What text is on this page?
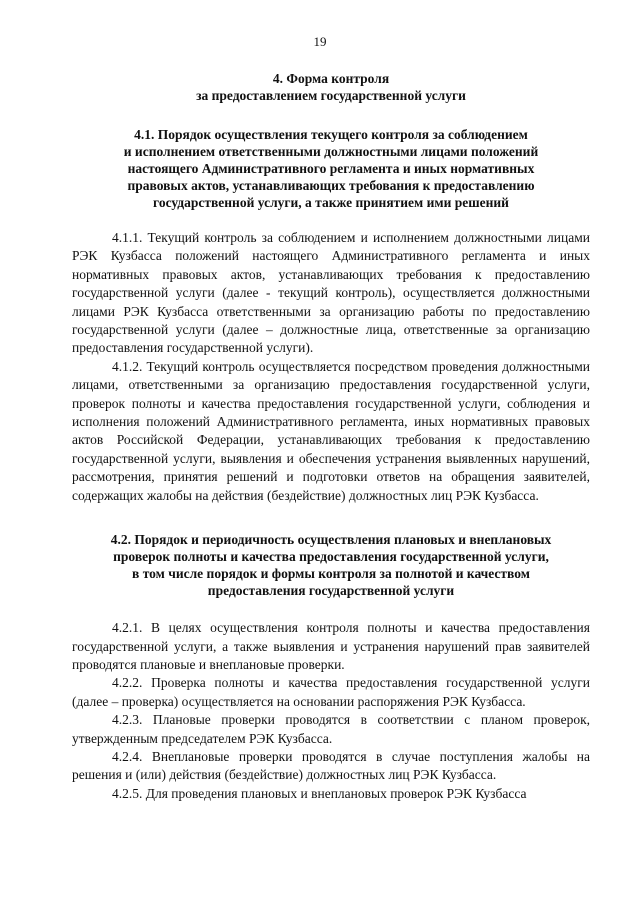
19
4. Форма контроля
за предоставлением государственной услуги
4.1. Порядок осуществления текущего контроля за соблюдением
и исполнением ответственными должностными лицами положений
настоящего Административного регламента и иных нормативных
правовых актов, устанавливающих требования к предоставлению
государственной услуги, а также принятием ими решений

4.1.1. Текущий контроль за соблюдением и исполнением должностными лицами РЭК Кузбасса положений настоящего Административного регламента и иных нормативных правовых актов, устанавливающих требования к предоставлению государственной услуги (далее - текущий контроль), осуществляется должностными лицами РЭК Кузбасса ответственными за организацию работы по предоставлению государственной услуги (далее – должностные лица, ответственные за организацию предоставления государственной услуги).

4.1.2. Текущий контроль осуществляется посредством проведения должностными лицами, ответственными за организацию предоставления государственной услуги, проверок полноты и качества предоставления государственной услуги, соблюдения и исполнения положений Административного регламента, иных нормативных правовых актов Российской Федерации, устанавливающих требования к предоставлению государственной услуги, выявления и обеспечения устранения выявленных нарушений, рассмотрения, принятия решений и подготовки ответов на обращения заявителей, содержащих жалобы на действия (бездействие) должностных лиц РЭК Кузбасса.

4.2. Порядок и периодичность осуществления плановых и внеплановых
проверок полноты и качества предоставления государственной услуги,
в том числе порядок и формы контроля за полнотой и качеством
предоставления государственной услуги

4.2.1. В целях осуществления контроля полноты и качества предоставления государственной услуги, а также выявления и устранения нарушений прав заявителей проводятся плановые и внеплановые проверки.

4.2.2. Проверка полноты и качества предоставления государственной услуги (далее – проверка) осуществляется на основании распоряжения РЭК Кузбасса.

4.2.3. Плановые проверки проводятся в соответствии с планом проверок, утвержденным председателем РЭК Кузбасса.

4.2.4. Внеплановые проверки проводятся в случае поступления жалобы на решения и (или) действия (бездействие) должностных лиц РЭК Кузбасса.

4.2.5. Для проведения плановых и внеплановых проверок РЭК Кузбасса
